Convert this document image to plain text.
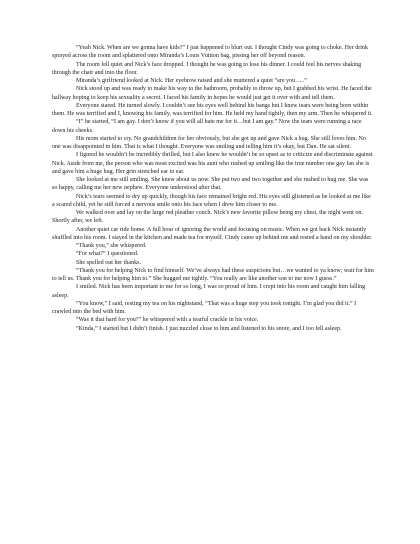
“Yeah Nick. When are we gonna have kids?” I just happened to blurt out. I thought Cindy was going to choke. Her drink sprayed across the room and splattered onto Miranda’s Louis Vuitton bag, pissing her off beyond reason.

The room fell quiet and Nick’s face dropped. I thought he was going to lose his dinner. I could feel his nerves shaking through the chair and into the floor.

Miranda’s girlfriend looked at Nick. Her eyebrow raised and she muttered a quiet “are you…..”

Nick stood up and was ready to make his way to the bathroom, probably to throw up, but I grabbed his wrist. He faced the hallway hoping to keep his sexuality a secret. I faced his family in hopes he would just get it over with and tell them.

Everyone stared. He turned slowly. I couldn’t see his eyes well behind his bangs but I knew tears were being born within them. He was terrified and I, knowing his family, was terrified for him. He held my hand tightly, then my arm. Then he whispered it.

“I” he started, “I am gay. I don’t know if you will all hate me for it…but I am gay.” Now the tears were running a race down his cheeks.

His mom started to cry. No grandchildren for her obviously, but she got up and gave Nick a hug. She still loves him. No one was disappointed in him. That is what I thought. Everyone was smiling and telling him it’s okay, but Dan. He sat silent.

I figured he wouldn’t be incredibly thrilled, but I also knew he wouldn’t be so upset as to criticize and discriminate against Nick. Aside from me, the person who was most excited was his aunt who rushed up smiling like the true number one gay fan she is and gave him a huge hug. Her grin stretched ear to ear.

She looked at me still smiling. She knew about us now. She put two and two together and she rushed to hug me. She was so happy, calling me her new nephew. Everyone understood after that.

Nick’s tears seemed to dry up quickly, though his face remained bright red. His eyes still glistened as he looked at me like a scared child, yet he still forced a nervous smile onto his face when I drew him closer to me.

We walked over and lay on the large red pleather couch. Nick’s new favorite pillow being my chest, the night went on. Shortly after, we left.

Another quiet car ride home. A full hour of ignoring the world and focusing on music. When we got back Nick instantly shuffled into his room. I stayed in the kitchen and made tea for myself. Cindy came up behind me and rested a hand on my shoulder.

“Thank you,” she whispered.

“For what?” I questioned.

She spelled out her thanks.

“Thank you for helping Nick to find himself. We’ve always had these suspicions but…we wanted to ya know; wait for him to tell us. Thank you for helping him to.” She hugged me tightly. “You really are like another son to me now I guess.”

I smiled. Nick has been important to me for so long, I was so proud of him. I crept into his room and caught him falling asleep.

“You know,” I said, resting my tea on his nightstand, “That was a huge step you took tonight. I’m glad you did it.” I crawled into the bed with him.

“Was it that hard for you?” he whispered with a tearful crackle in his voice.

“Kinda,” I started but I didn’t finish. I just nuzzled close to him and listened to his snore, and I too fell asleep.
